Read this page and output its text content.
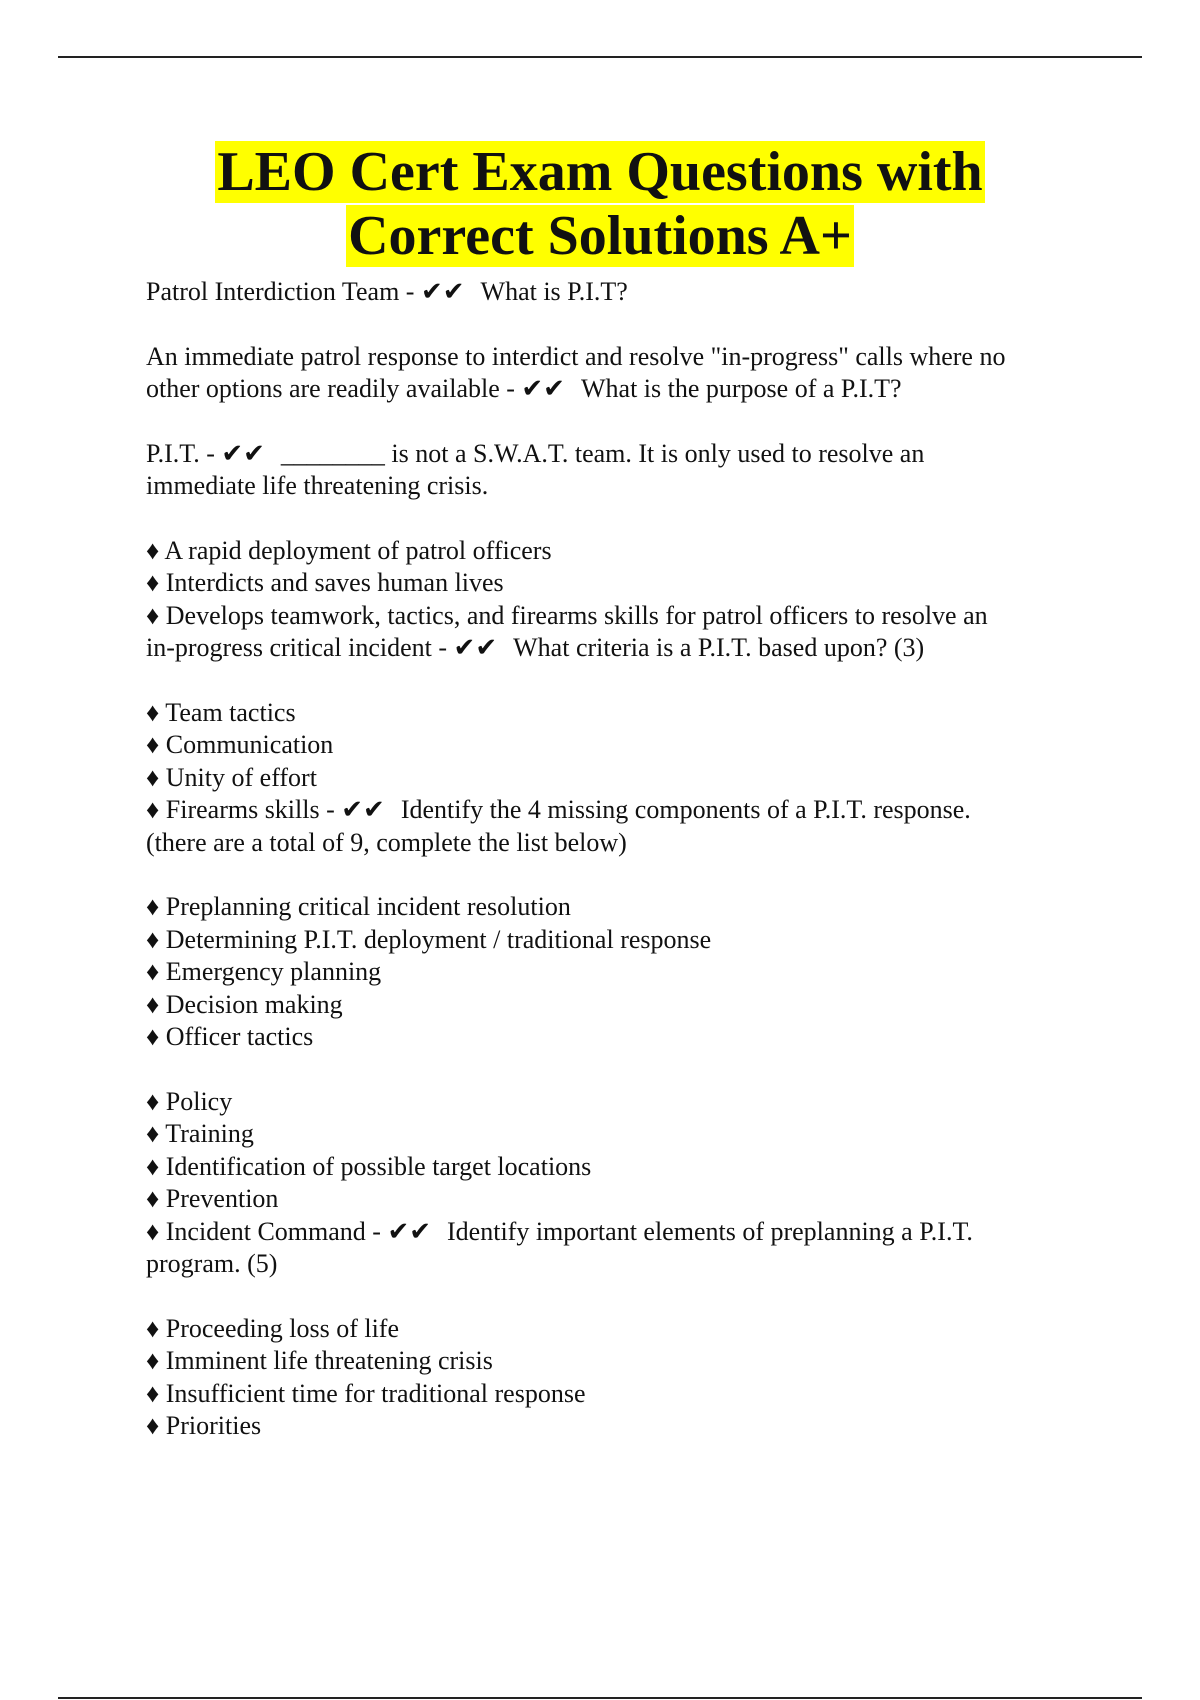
LEO Cert Exam Questions with
Correct Solutions A+
Patrol Interdiction Team - ✔✔ What is P.I.T?
An immediate patrol response to interdict and resolve "in-progress" calls where no
other options are readily available - ✔✔ What is the purpose of a P.I.T?
P.I.T. - ✔✔ ________ is not a S.W.A.T. team. It is only used to resolve an
immediate life threatening crisis.
♦ A rapid deployment of patrol officers
♦ Interdicts and saves human lives
♦ Develops teamwork, tactics, and firearms skills for patrol officers to resolve an
in-progress critical incident - ✔✔ What criteria is a P.I.T. based upon? (3)
♦ Team tactics
♦ Communication
♦ Unity of effort
♦ Firearms skills - ✔✔ Identify the 4 missing components of a P.I.T. response.
(there are a total of 9, complete the list below)
♦ Preplanning critical incident resolution
♦ Determining P.I.T. deployment / traditional response
♦ Emergency planning
♦ Decision making
♦ Officer tactics
♦ Policy
♦ Training
♦ Identification of possible target locations
♦ Prevention
♦ Incident Command - ✔✔ Identify important elements of preplanning a P.I.T.
program. (5)
♦ Proceeding loss of life
♦ Imminent life threatening crisis
♦ Insufficient time for traditional response
♦ Priorities
